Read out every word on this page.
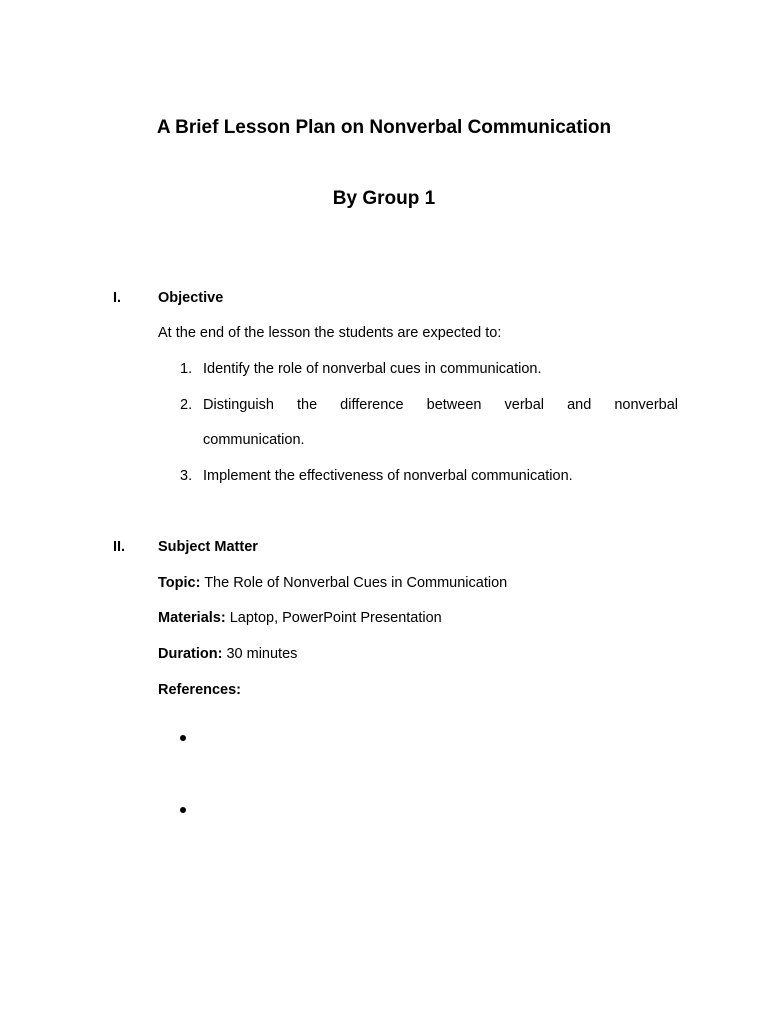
A Brief Lesson Plan on Nonverbal Communication
By Group 1
I.	Objective
At the end of the lesson the students are expected to:
1. Identify the role of nonverbal cues in communication.
2. Distinguish the difference between verbal and nonverbal
communication.
3. Implement the effectiveness of nonverbal communication.
II. Subject Matter
Topic: The Role of Nonverbal Cues in Communication
Materials: Laptop, PowerPoint Presentation
Duration: 30 minutes
References:
